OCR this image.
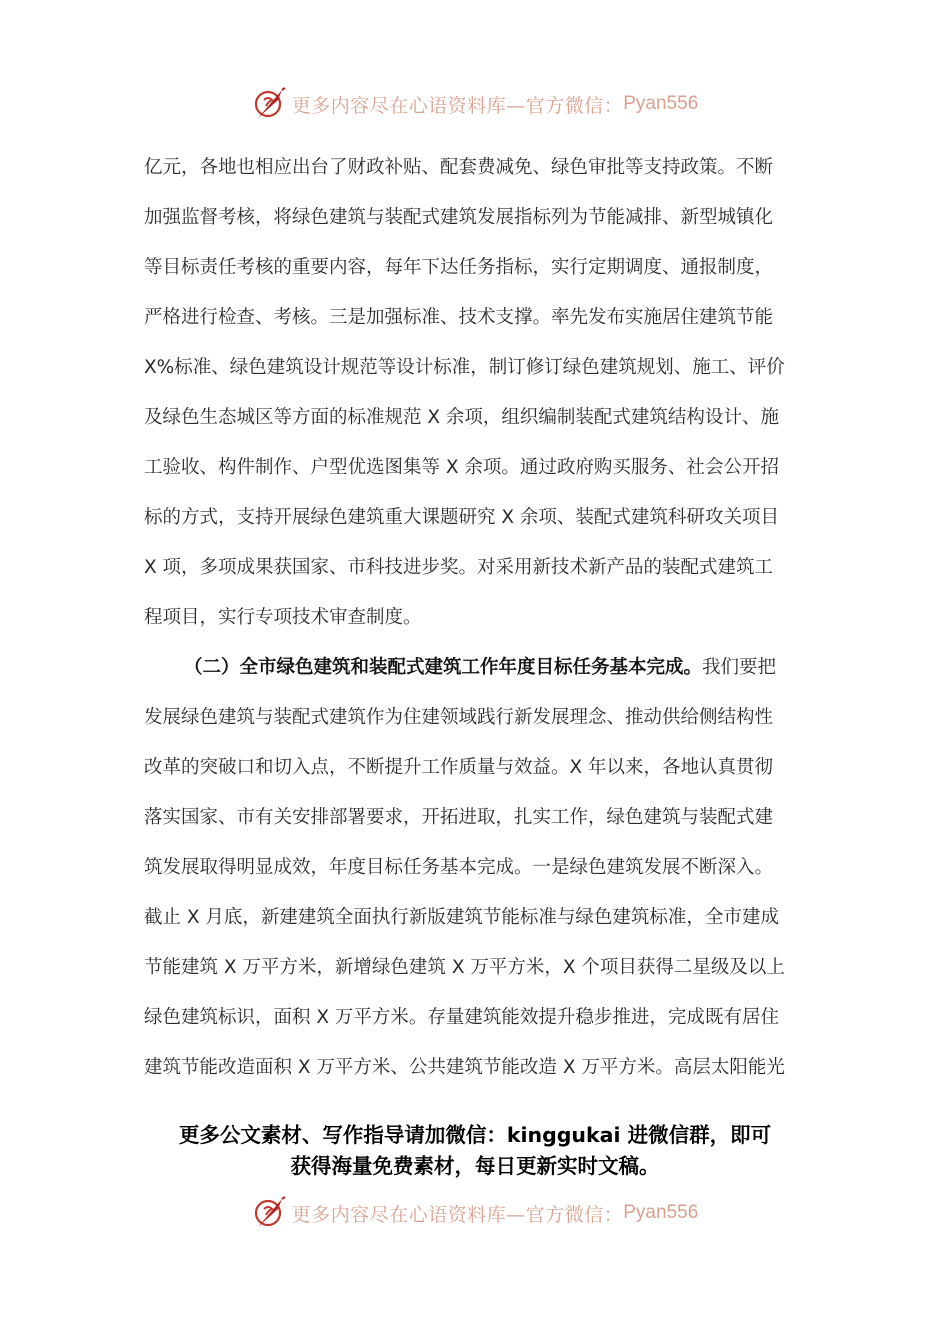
更多内容尽在心语资料库—官方微信： Pyan556
亿元，各地也相应出台了财政补贴、配套费减免、绿色审批等支持政策。不断
加强监督考核，将绿色建筑与装配式建筑发展指标列为节能减排、新型城镇化
等目标责任考核的重要内容，每年下达任务指标，实行定期调度、通报制度，
严格进行检查、考核。三是加强标准、技术支撑。率先发布实施居住建筑节能
X%标准、绿色建筑设计规范等设计标准，制订修订绿色建筑规划、施工、评价
及绿色生态城区等方面的标准规范 X 余项，组织编制装配式建筑结构设计、施
工验收、构件制作、户型优选图集等 X 余项。通过政府购买服务、社会公开招
标的方式，支持开展绿色建筑重大课题研究 X 余项、装配式建筑科研攻关项目
X 项，多项成果获国家、市科技进步奖。对采用新技术新产品的装配式建筑工
程项目，实行专项技术审查制度。
（二）全市绿色建筑和装配式建筑工作年度目标任务基本完成。我们要把
发展绿色建筑与装配式建筑作为住建领域践行新发展理念、推动供给侧结构性
改革的突破口和切入点，不断提升工作质量与效益。X 年以来，各地认真贯彻
落实国家、市有关安排部署要求，开拓进取，扎实工作，绿色建筑与装配式建
筑发展取得明显成效，年度目标任务基本完成。一是绿色建筑发展不断深入。
截止 X 月底，新建建筑全面执行新版建筑节能标准与绿色建筑标准，全市建成
节能建筑 X 万平方米，新增绿色建筑 X 万平方米，X 个项目获得二星级及以上
绿色建筑标识，面积 X 万平方米。存量建筑能效提升稳步推进，完成既有居住
建筑节能改造面积 X 万平方米、公共建筑节能改造 X 万平方米。高层太阳能光
更多公文素材、写作指导请加微信：kinggukai 进微信群，即可
获得海量免费素材，每日更新实时文稿。
更多内容尽在心语资料库—官方微信： Pyan556
